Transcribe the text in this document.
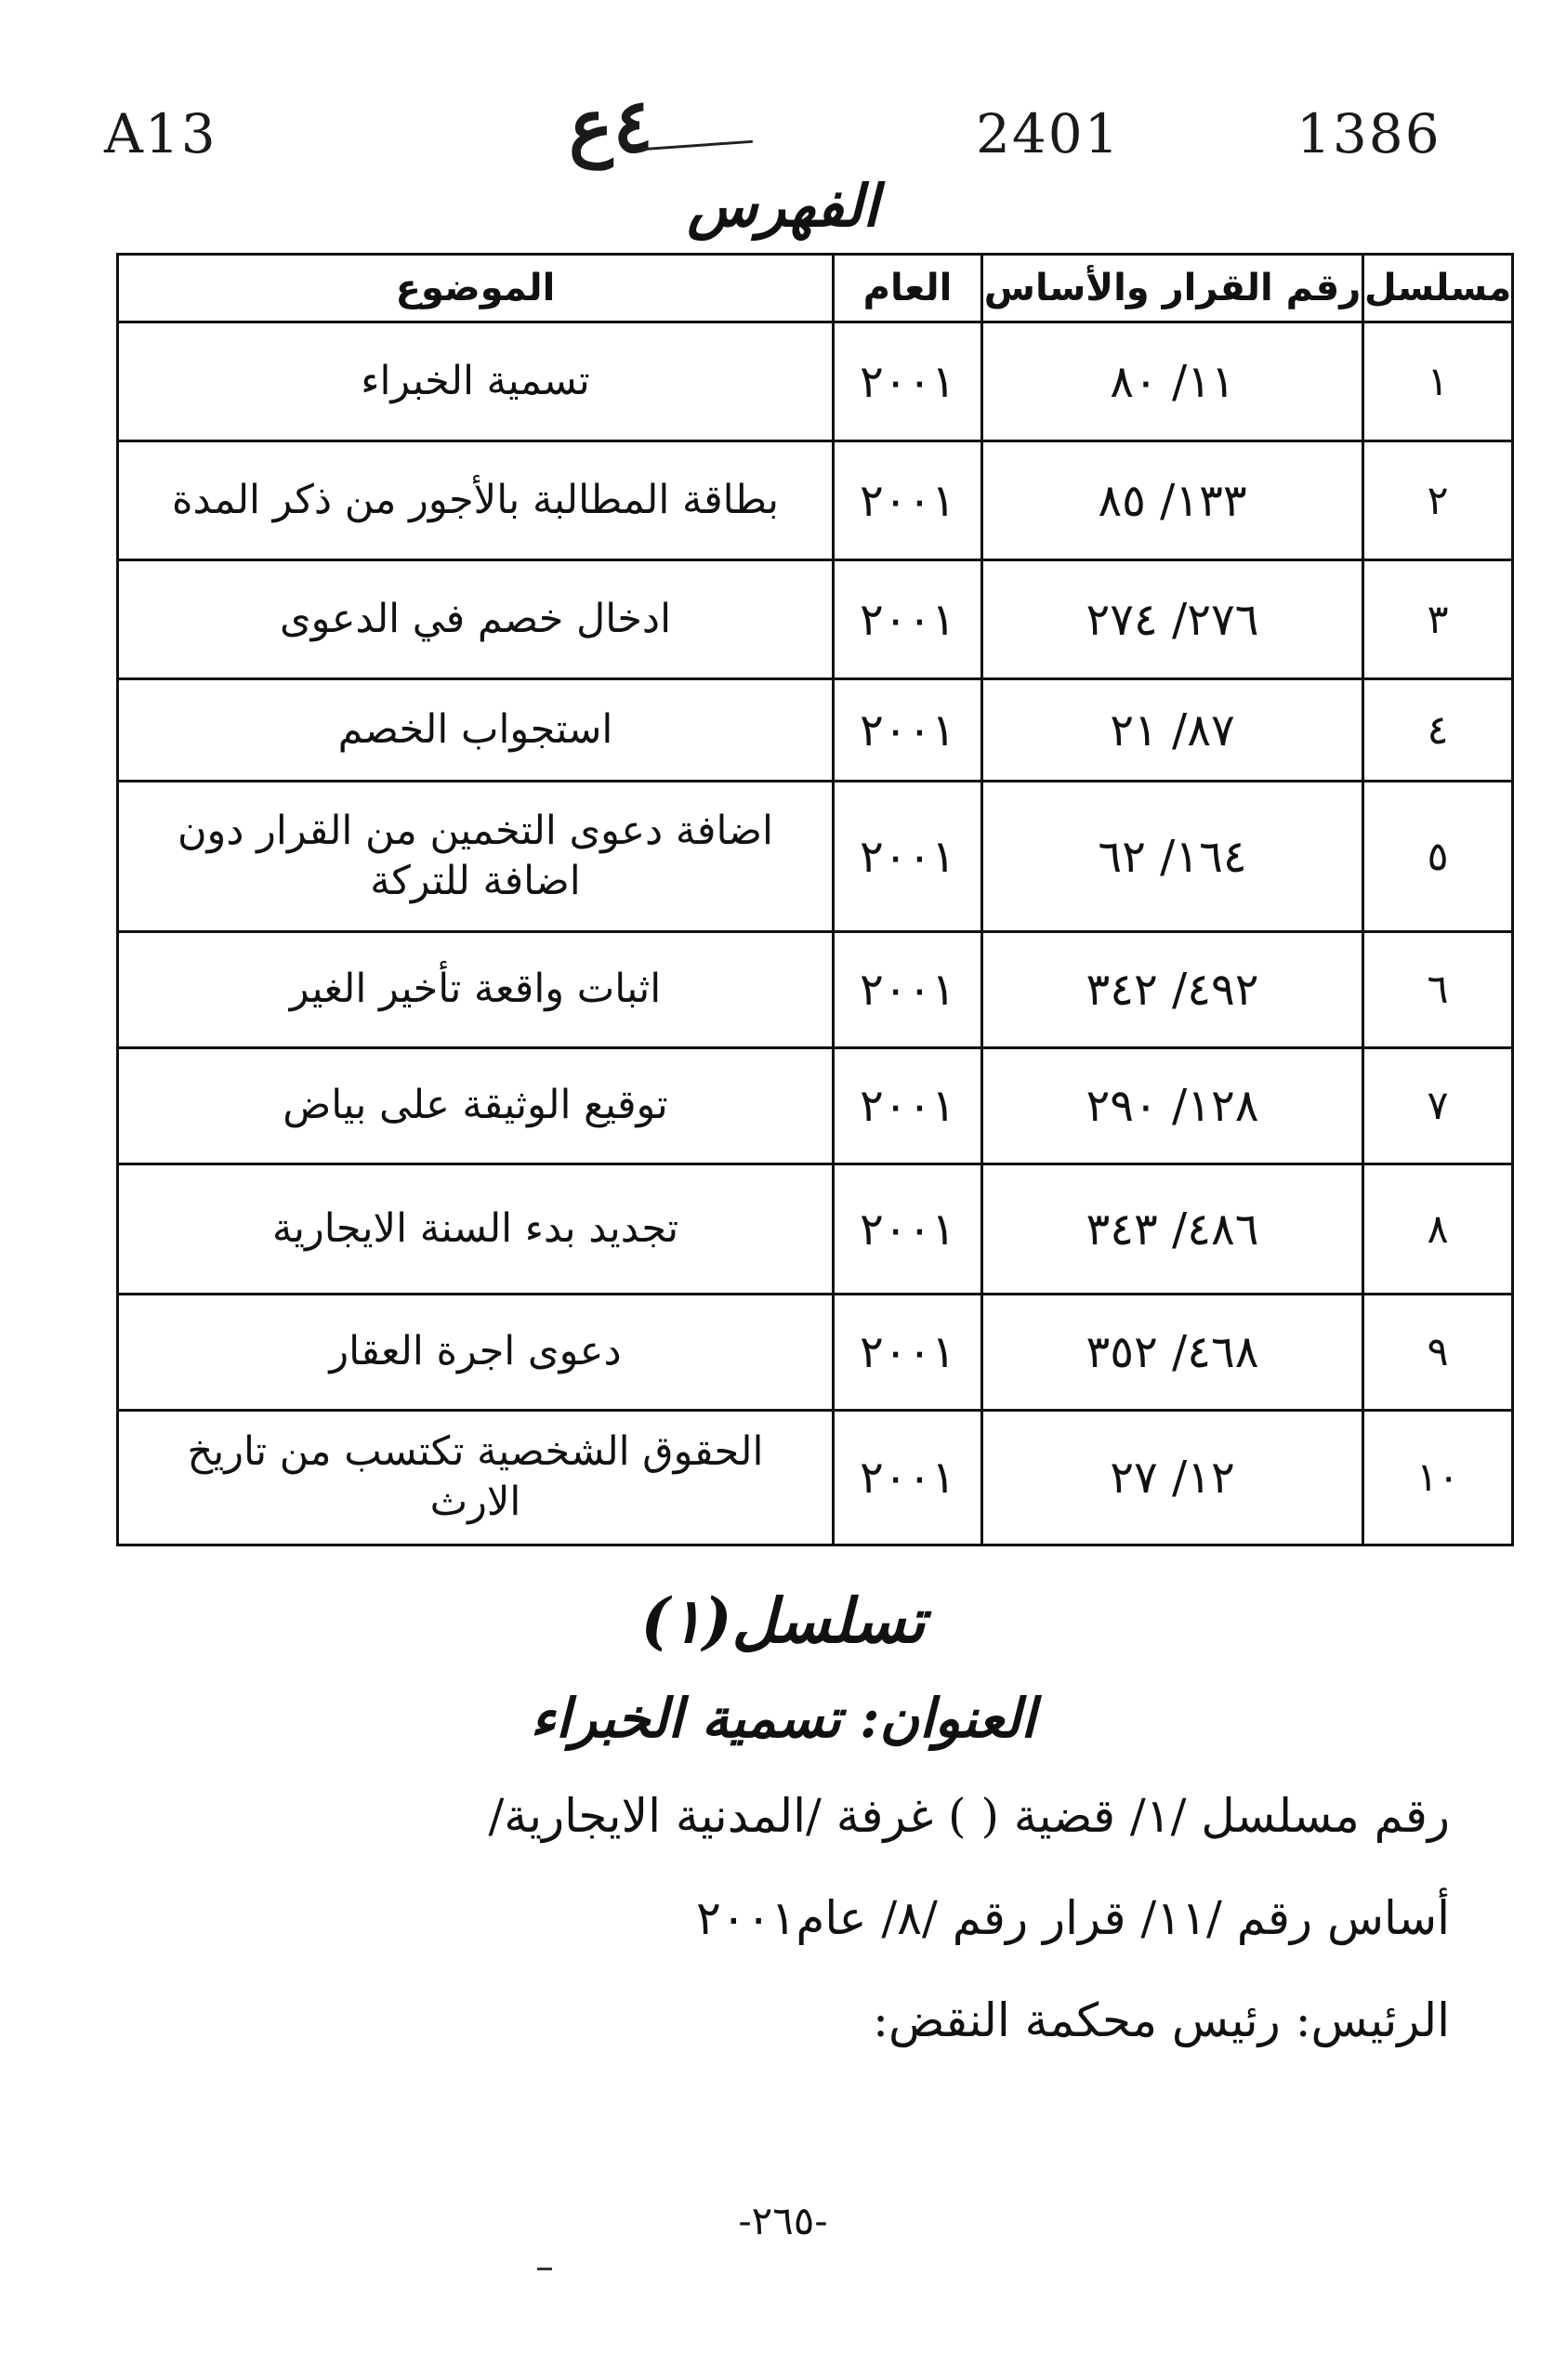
A13	٤ع	2401	1386
الفهرس
مسلسل	رقم القرار والأساس	العام	الموضوع
١	١١/ ٨٠	٢٠٠١	تسمية الخبراء
٢	١٣٣/ ٨٥	٢٠٠١	بطاقة المطالبة بالأجور من ذكر المدة
٣	٢٧٦/ ٢٧٤	٢٠٠١	ادخال خصم في الدعوى
٤	٨٧/ ٢١	٢٠٠١	استجواب الخصم
٥	١٦٤/ ٦٢	٢٠٠١	اضافة دعوى التخمين من القرار دون اضافة للتركة
٦	٤٩٢/ ٣٤٢	٢٠٠١	اثبات واقعة تأخير الغير
٧	١٢٨/ ٢٩٠	٢٠٠١	توقيع الوثيقة على بياض
٨	٤٨٦/ ٣٤٣	٢٠٠١	تجديد بدء السنة الايجارية
٩	٤٦٨/ ٣٥٢	٢٠٠١	دعوى اجرة العقار
١٠	١٢/ ٢٧	٢٠٠١	الحقوق الشخصية تكتسب من تاريخ الارث
تسلسل(١)
العنوان: تسمية الخبراء
رقم مسلسل /١/ قضية ( ) غرفة /المدنية الايجارية/
أساس رقم /١١/ قرار رقم /٨/ عام٢٠٠١
الرئيس: رئيس محكمة النقض:
-٢٦٥-
